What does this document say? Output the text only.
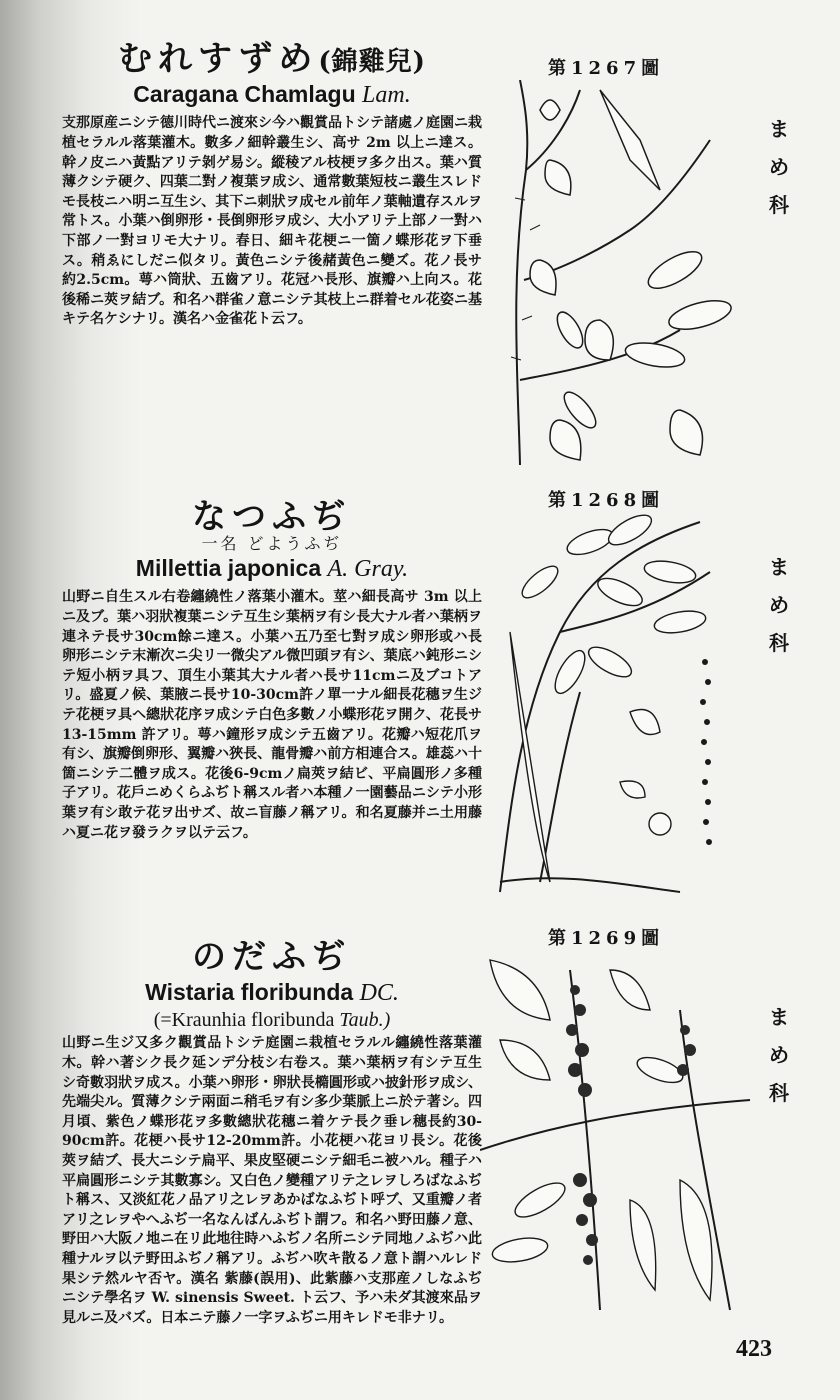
むれすずめ(錦雞兒)
Caragana Chamlagu Lam.

支那原産ニシテ德川時代ニ渡來シ今ハ觀賞品トシテ諸處ノ庭園ニ栽植セラルル落葉灌木。數多ノ細幹叢生シ、高サ 2m 以上ニ達ス。幹ノ皮ニハ黃點アリテ剝ゲ易シ。縱稜アル枝梗ヲ多ク出ス。葉ハ質薄クシテ硬ク、四葉二對ノ複葉ヲ成シ、通常數葉短枝ニ叢生スレドモ長枝ニハ明ニ互生シ、其下ニ刺狀ヲ成セル前年ノ葉軸遺存スルヲ常トス。小葉ハ倒卵形・長倒卵形ヲ成シ、大小アリテ上部ノ一對ハ下部ノ一對ヨリモ大ナリ。春日、細キ花梗ニ一箇ノ蝶形花ヲ下垂ス。稍ゑにしだニ似タリ。黃色ニシテ後赭黃色ニ變ズ。花ノ長サ約2.5cm。萼ハ筒狀、五齒アリ。花冠ハ長形、旗瓣ハ上向ス。花後稀ニ莢ヲ結ブ。和名ハ群雀ノ意ニシテ其枝上ニ群着セル花姿ニ基キテ名ケシナリ。漢名ハ金雀花ト云フ。

なつふぢ
一名 どようふぢ
Millettia japonica A. Gray.

山野ニ自生スル右卷纏繞性ノ落葉小灌木。莖ハ細長高サ 3m 以上ニ及ブ。葉ハ羽狀複葉ニシテ互生シ葉柄ヲ有シ長大ナル者ハ葉柄ヲ連ネテ長サ30cm餘ニ達ス。小葉ハ五乃至七對ヲ成シ卵形或ハ長卵形ニシテ末漸次ニ尖リ一微尖アル微凹頭ヲ有シ、葉底ハ鈍形ニシテ短小柄ヲ具フ、頂生小葉其大ナル者ハ長サ11cmニ及ブコトアリ。盛夏ノ候、葉腋ニ長サ10-30cm許ノ單一ナル細長花穗ヲ生ジテ花梗ヲ具ヘ總狀花序ヲ成シテ白色多數ノ小蝶形花ヲ開ク、花長サ 13-15mm 許アリ。萼ハ鐘形ヲ成シテ五齒アリ。花瓣ハ短花爪ヲ有シ、旗瓣倒卵形、翼瓣ハ狹長、龍骨瓣ハ前方相連合ス。雄蕊ハ十箇ニシテ二體ヲ成ス。花後6-9cmノ扁莢ヲ結ビ、平扁圓形ノ多種子アリ。花戶ニめくらふぢト稱スル者ハ本種ノ一園藝品ニシテ小形葉ヲ有シ敢テ花ヲ出サズ、故ニ盲藤ノ稱アリ。和名夏藤并ニ土用藤ハ夏ニ花ヲ發ラクヲ以テ云フ。

のだふぢ
Wistaria floribunda DC.
(=Kraunhia floribunda Taub.)

山野ニ生ジ又多ク觀賞品トシテ庭園ニ栽植セラルル纏繞性落葉灌木。幹ハ著シク長ク延ンデ分枝シ右卷ス。葉ハ葉柄ヲ有シテ互生シ奇數羽狀ヲ成ス。小葉ハ卵形・卵狀長橢圓形或ハ披針形ヲ成シ、先端尖ル。質薄クシテ兩面ニ稍毛ヲ有シ多少葉脈上ニ於テ著シ。四月頃、紫色ノ蝶形花ヲ多數總狀花穗ニ着ケテ長ク垂レ穗長約30-90cm許。花梗ハ長サ12-20mm許。小花梗ハ花ヨリ長シ。花後莢ヲ結ブ、長大ニシテ扁平、果皮堅硬ニシテ細毛ニ被ハル。種子ハ平扁圓形ニシテ其數寡シ。又白色ノ變種アリテ之レヲしろばなふぢト稱ス、又淡紅花ノ品アリ之レヲあかばなふぢト呼ブ、又重瓣ノ者アリ之レヲやへふぢ一名なんばんふぢト謂フ。和名ハ野田藤ノ意、野田ハ大阪ノ地ニ在リ此地往時ハふぢノ名所ニシテ同地ノふぢハ此種ナルヲ以テ野田ふぢノ稱アリ。ふぢハ吹キ散るノ意ト謂ハルレド果シテ然ルヤ否ヤ。漢名 紫藤(誤用)、此紫藤ハ支那産ノしなふぢニシテ學名ヲ W. sinensis Sweet. ト云フ、予ハ未ダ其渡來品ヲ見ルニ及バズ。日本ニテ藤ノ一字ヲふぢニ用キレドモ非ナリ。

第1267圖
第1268圖
第1269圖
まめ科
まめ科
まめ科
423
